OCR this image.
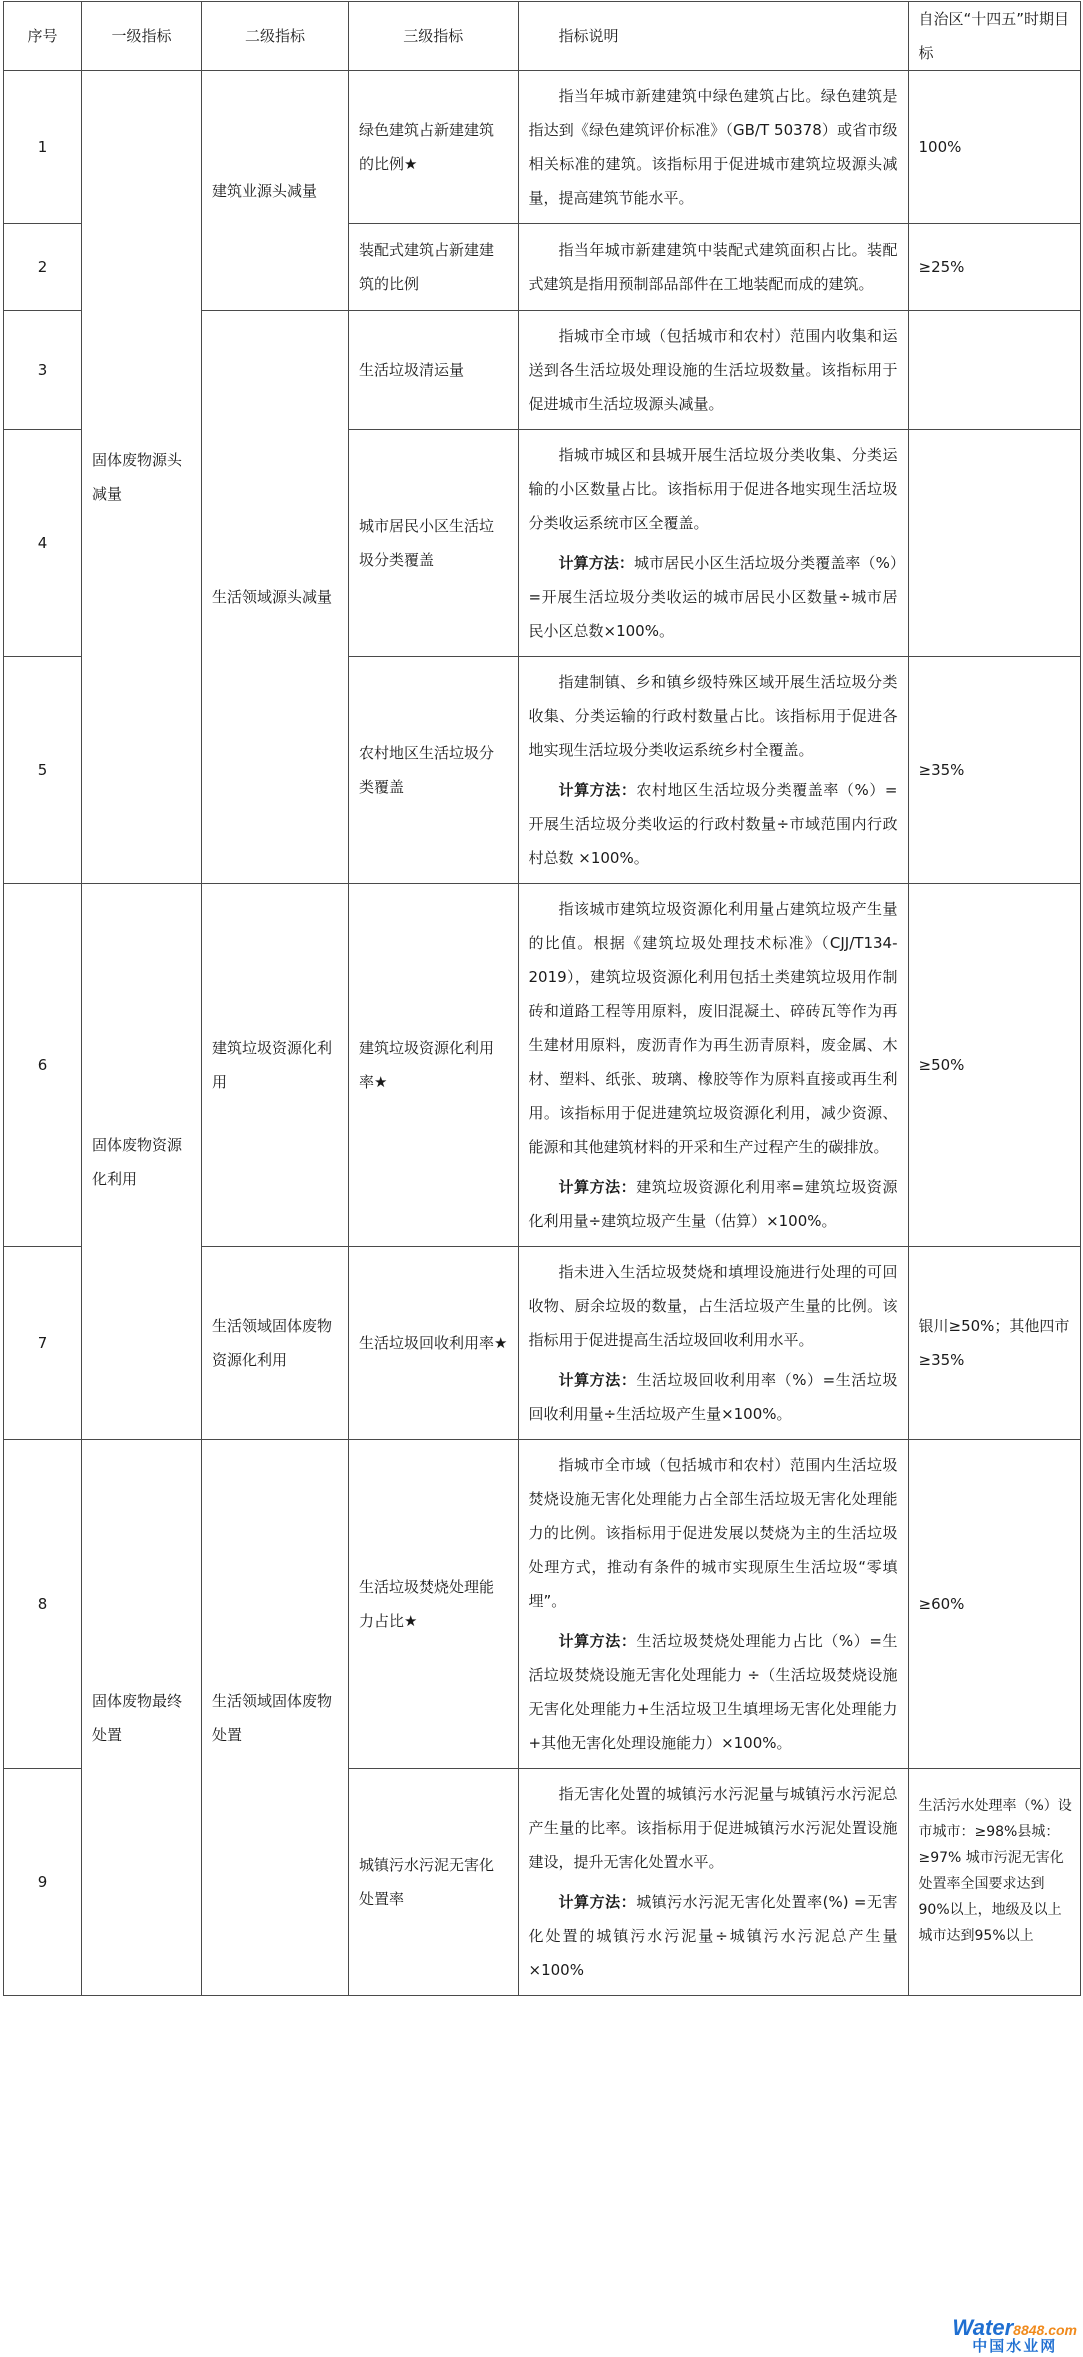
序号	一级指标	二级指标	三级指标	指标说明	自治区“十四五”时期目标
1	固体废物源头减量	建筑业源头减量	绿色建筑占新建建筑的比例★	指当年城市新建建筑中绿色建筑占比。绿色建筑是指达到《绿色建筑评价标准》（GB/T 50378）或省市级相关标准的建筑。该指标用于促进城市建筑垃圾源头减量，提高建筑节能水平。	100%
2			装配式建筑占新建建筑的比例	指当年城市新建建筑中装配式建筑面积占比。装配式建筑是指用预制部品部件在工地装配而成的建筑。	≥25%
3		生活领域源头减量	生活垃圾清运量	指城市全市域（包括城市和农村）范围内收集和运送到各生活垃圾处理设施的生活垃圾数量。该指标用于促进城市生活垃圾源头减量。	

4			城市居民小区生活垃圾分类覆盖	指城市城区和县城开展生活垃圾分类收集、分类运输的小区数量占比。该指标用于促进各地实现生活垃圾分类收运系统市区全覆盖。

计算方法：城市居民小区生活垃圾分类覆盖率（%）=开展生活垃圾分类收运的城市居民小区数量÷城市居民小区总数×100%。	

5			农村地区生活垃圾分类覆盖	指建制镇、乡和镇乡级特殊区域开展生活垃圾分类收集、分类运输的行政村数量占比。该指标用于促进各地实现生活垃圾分类收运系统乡村全覆盖。

计算方法：农村地区生活垃圾分类覆盖率（%）=开展生活垃圾分类收运的行政村数量÷市域范围内行政村总数 ×100%。	≥35%
6	固体废物资源化利用	建筑垃圾资源化利用	建筑垃圾资源化利用率★	指该城市建筑垃圾资源化利用量占建筑垃圾产生量的比值。根据《建筑垃圾处理技术标准》（CJJ/T134-2019），建筑垃圾资源化利用包括土类建筑垃圾用作制砖和道路工程等用原料，废旧混凝土、碎砖瓦等作为再生建材用原料，废沥青作为再生沥青原料，废金属、木材、塑料、纸张、玻璃、橡胶等作为原料直接或再生利用。该指标用于促进建筑垃圾资源化利用，减少资源、能源和其他建筑材料的开采和生产过程产生的碳排放。

计算方法：建筑垃圾资源化利用率=建筑垃圾资源化利用量÷建筑垃圾产生量（估算）×100%。	≥50%
7		生活领域固体废物资源化利用	生活垃圾回收利用率★	指未进入生活垃圾焚烧和填埋设施进行处理的可回收物、厨余垃圾的数量，占生活垃圾产生量的比例。该指标用于促进提高生活垃圾回收利用水平。

计算方法：生活垃圾回收利用率（%）=生活垃圾回收利用量÷生活垃圾产生量×100%。	银川≥50%；其他四市≥35%
8	固体废物最终处置	生活领域固体废物处置	生活垃圾焚烧处理能力占比★	指城市全市域（包括城市和农村）范围内生活垃圾焚烧设施无害化处理能力占全部生活垃圾无害化处理能力的比例。该指标用于促进发展以焚烧为主的生活垃圾处理方式，推动有条件的城市实现原生生活垃圾“零填埋”。

计算方法：生活垃圾焚烧处理能力占比（%）=生活垃圾焚烧设施无害化处理能力 ÷（生活垃圾焚烧设施无害化处理能力+生活垃圾卫生填埋场无害化处理能力+其他无害化处理设施能力）×100%。	≥60%
9			城镇污水污泥无害化处置率	指无害化处置的城镇污水污泥量与城镇污水污泥总产生量的比率。该指标用于促进城镇污水污泥处置设施建设，提升无害化处置水平。

计算方法：城镇污水污泥无害化处置率(%) =无害化处置的城镇污水污泥量÷城镇污水污泥总产生量×100%	生活污水处理率（%）设市城市：≥98%县城：≥97% 城市污泥无害化处置率全国要求达到90%以上，地级及以上城市达到95%以上
Water8848.com
中国水业网
